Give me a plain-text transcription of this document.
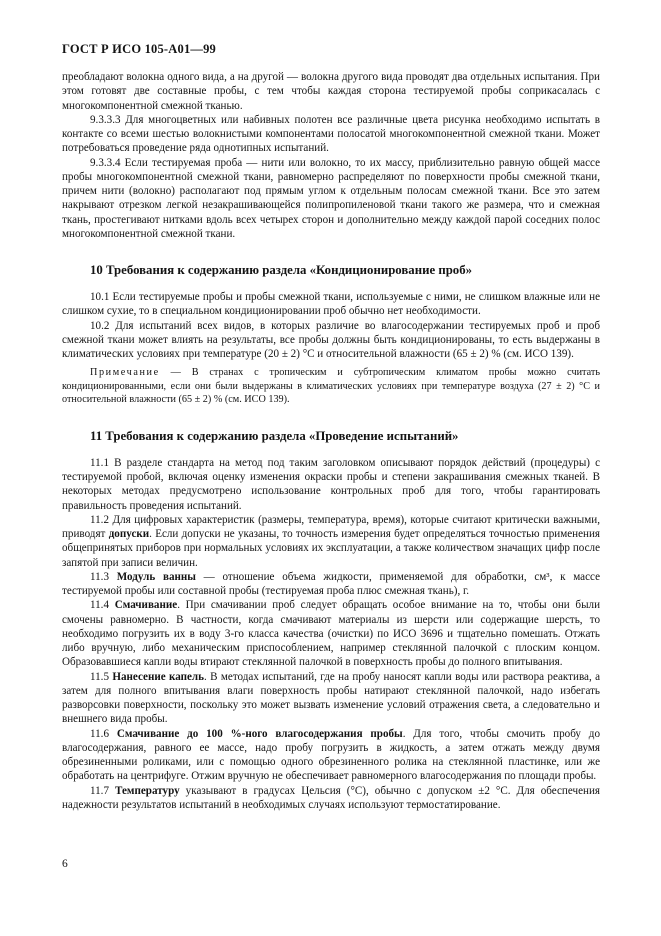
ГОСТ Р ИСО 105-А01—99

преобладают волокна одного вида, а на другой — волокна другого вида проводят два отдельных испытания. При этом готовят две составные пробы, с тем чтобы каждая сторона тестируемой пробы соприкасалась с многокомпонентной смежной тканью.

9.3.3.3 Для многоцветных или набивных полотен все различные цвета рисунка необходимо испытать в контакте со всеми шестью волокнистыми компонентами полосатой многокомпонентной смежной ткани. Может потребоваться проведение ряда однотипных испытаний.

9.3.3.4 Если тестируемая проба — нити или волокно, то их массу, приблизительно равную общей массе пробы многокомпонентной смежной ткани, равномерно распределяют по поверхности пробы смежной ткани, причем нити (волокно) располагают под прямым углом к отдельным полосам смежной ткани. Все это затем накрывают отрезком легкой незакрашивающейся полипропиленовой ткани такого же размера, что и смежная ткань, простегивают нитками вдоль всех четырех сторон и дополнительно между каждой парой соседних полос многокомпонентной смежной ткани.

10 Требования к содержанию раздела «Кондиционирование проб»

10.1 Если тестируемые пробы и пробы смежной ткани, используемые с ними, не слишком влажные или не слишком сухие, то в специальном кондиционировании проб обычно нет необходимости.

10.2 Для испытаний всех видов, в которых различие во влагосодержании тестируемых проб и проб смежной ткани может влиять на результаты, все пробы должны быть кондиционированы, то есть выдержаны в климатических условиях при температуре (20 ± 2) °С и относительной влажности (65 ± 2) % (см. ИСО 139).

Примечание — В странах с тропическим и субтропическим климатом пробы можно считать кондиционированными, если они были выдержаны в климатических условиях при температуре воздуха (27 ± 2) °С и относительной влажности (65 ± 2) % (см. ИСО 139).

11 Требования к содержанию раздела «Проведение испытаний»

11.1 В разделе стандарта на метод под таким заголовком описывают порядок действий (процедуры) с тестируемой пробой, включая оценку изменения окраски пробы и степени закрашивания смежных тканей. В некоторых методах предусмотрено использование контрольных проб для того, чтобы гарантировать правильность проведения испытаний.

11.2 Для цифровых характеристик (размеры, температура, время), которые считают критически важными, приводят допуски. Если допуски не указаны, то точность измерения будет определяться точностью применения общепринятых приборов при нормальных условиях их эксплуатации, а также количеством значащих цифр после запятой при записи величин.

11.3 Модуль ванны — отношение объема жидкости, применяемой для обработки, см³, к массе тестируемой пробы или составной пробы (тестируемая проба плюс смежная ткань), г.

11.4 Смачивание. При смачивании проб следует обращать особое внимание на то, чтобы они были смочены равномерно. В частности, когда смачивают материалы из шерсти или содержащие шерсть, то необходимо погрузить их в воду 3-го класса качества (очистки) по ИСО 3696 и тщательно помешать. Отжать либо вручную, либо механическим приспособлением, например стеклянной палочкой с плоским концом. Образовавшиеся капли воды втирают стеклянной палочкой в поверхность пробы до полного впитывания.

11.5 Нанесение капель. В методах испытаний, где на пробу наносят капли воды или раствора реактива, а затем для полного впитывания влаги поверхность пробы натирают стеклянной палочкой, надо избегать разворсовки поверхности, поскольку это может вызвать изменение условий отражения света, а следовательно и внешнего вида пробы.

11.6 Смачивание до 100 %-ного влагосодержания пробы. Для того, чтобы смочить пробу до влагосодержания, равного ее массе, надо пробу погрузить в жидкость, а затем отжать между двумя обрезиненными роликами, или с помощью одного обрезиненного ролика на стеклянной пластинке, или же обработать на центрифуге. Отжим вручную не обеспечивает равномерного влагосодержания по площади пробы.

11.7 Температуру указывают в градусах Цельсия (°С), обычно с допуском ±2 °С. Для обеспечения надежности результатов испытаний в необходимых случаях используют термостатирование.

6
